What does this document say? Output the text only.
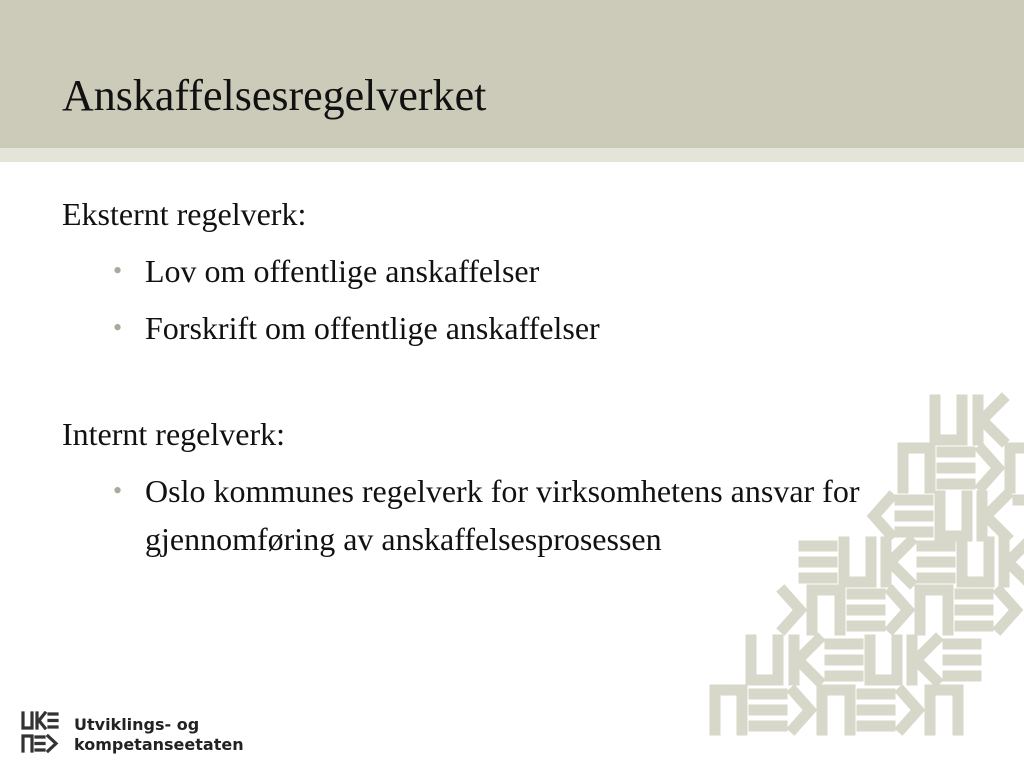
Anskaffelsesregelverket
Eksternt regelverk:
• Lov om offentlige anskaffelser
• Forskrift om offentlige anskaffelser
Internt regelverk:
• Oslo kommunes regelverk for virksomhetens ansvar for gjennomføring av anskaffelsesprosessen
Utviklings- og
kompetanseetaten
